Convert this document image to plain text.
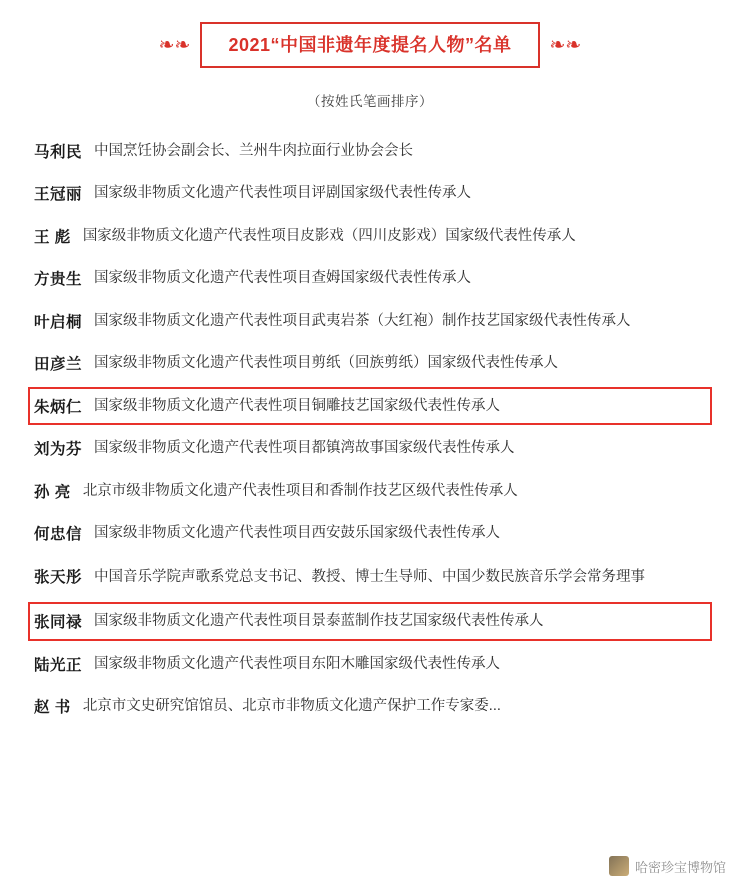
❧❧	2021“中国非遗年度提名人物”名单	❧❧
（按姓氏笔画排序）
马利民 中国烹饪协会副会长、兰州牛肉拉面行业协会会长
王冠丽 国家级非物质文化遗产代表性项目评剧国家级代表性传承人
王 彪 国家级非物质文化遗产代表性项目皮影戏（四川皮影戏）国家级代表性传承人
方贵生 国家级非物质文化遗产代表性项目查姆国家级代表性传承人
叶启桐 国家级非物质文化遗产代表性项目武夷岩茶（大红袍）制作技艺国家级代表性传承人
田彦兰 国家级非物质文化遗产代表性项目剪纸（回族剪纸）国家级代表性传承人
朱炳仁 国家级非物质文化遗产代表性项目铜雕技艺国家级代表性传承人
刘为芬 国家级非物质文化遗产代表性项目都镇湾故事国家级代表性传承人
孙 亮 北京市级非物质文化遗产代表性项目和香制作技艺区级代表性传承人
何忠信 国家级非物质文化遗产代表性项目西安鼓乐国家级代表性传承人
张天彤 中国音乐学院声歌系党总支书记、教授、博士生导师、中国少数民族音乐学会常务理事
张同禄 国家级非物质文化遗产代表性项目景泰蓝制作技艺国家级代表性传承人
陆光正 国家级非物质文化遗产代表性项目东阳木雕国家级代表性传承人
赵 书 北京市文史研究馆馆员、北京市非物质文化遗产保护工作专家委...
哈密珍宝博物馆
